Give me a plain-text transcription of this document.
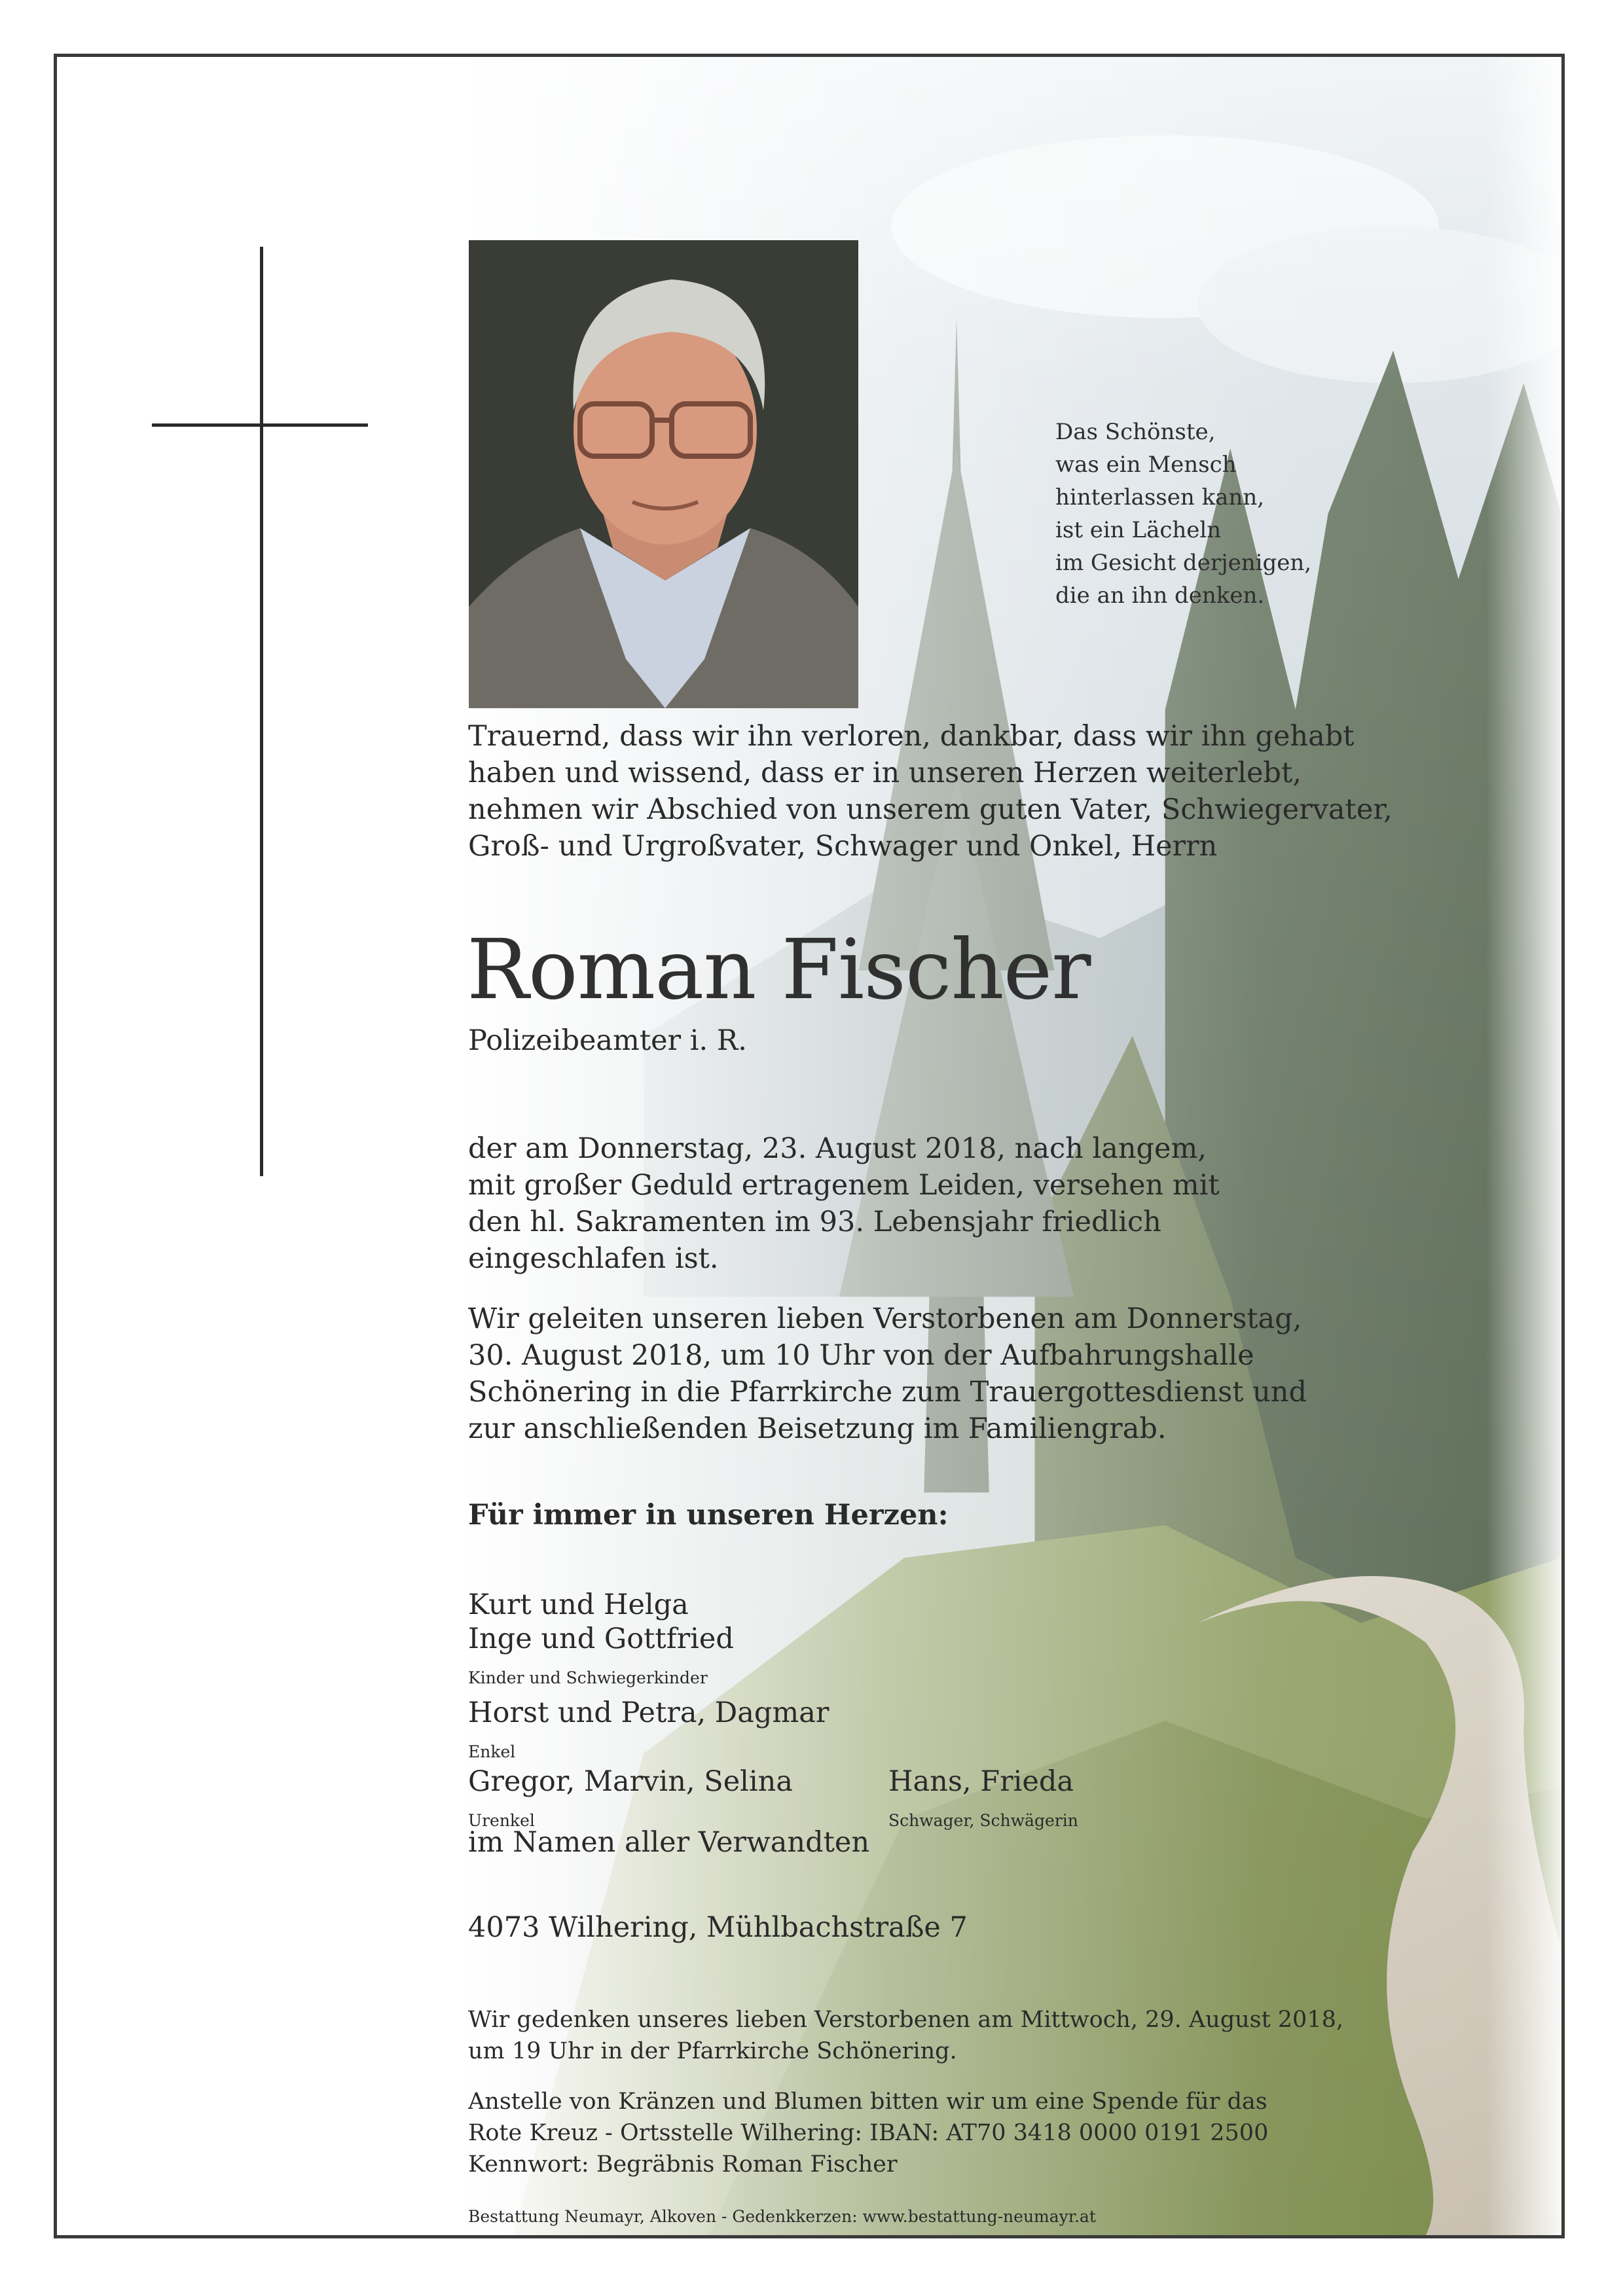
Das Schönste,
was ein Mensch
hinterlassen kann,
ist ein Lächeln
im Gesicht derjenigen,
die an ihn denken.
Trauernd, dass wir ihn verloren, dankbar, dass wir ihn gehabt
haben und wissend, dass er in unseren Herzen weiterlebt,
nehmen wir Abschied von unserem guten Vater, Schwiegervater,
Groß- und Urgroßvater, Schwager und Onkel, Herrn
Roman Fischer
Polizeibeamter i. R.
der am Donnerstag, 23. August 2018, nach langem,
mit großer Geduld ertragenem Leiden, versehen mit
den hl. Sakramenten im 93. Lebensjahr friedlich
eingeschlafen ist.
Wir geleiten unseren lieben Verstorbenen am Donnerstag,
30. August 2018, um 10 Uhr von der Aufbahrungshalle
Schönering in die Pfarrkirche zum Trauergottesdienst und
zur anschließenden Beisetzung im Familiengrab.
Für immer in unseren Herzen:

Kurt und Helga
Inge und Gottfried

Kinder und Schwiegerkinder

Horst und Petra, Dagmar

Enkel

Gregor, Marvin, Selina

Urenkel

Hans, Frieda

Schwager, Schwägerin

im Namen aller Verwandten
4073 Wilhering, Mühlbachstraße 7
Wir gedenken unseres lieben Verstorbenen am Mittwoch, 29. August 2018,
um 19 Uhr in der Pfarrkirche Schönering.
Anstelle von Kränzen und Blumen bitten wir um eine Spende für das
Rote Kreuz - Ortsstelle Wilhering: IBAN: AT70 3418 0000 0191 2500
Kennwort: Begräbnis Roman Fischer
Bestattung Neumayr, Alkoven - Gedenkkerzen: www.bestattung-neumayr.at
